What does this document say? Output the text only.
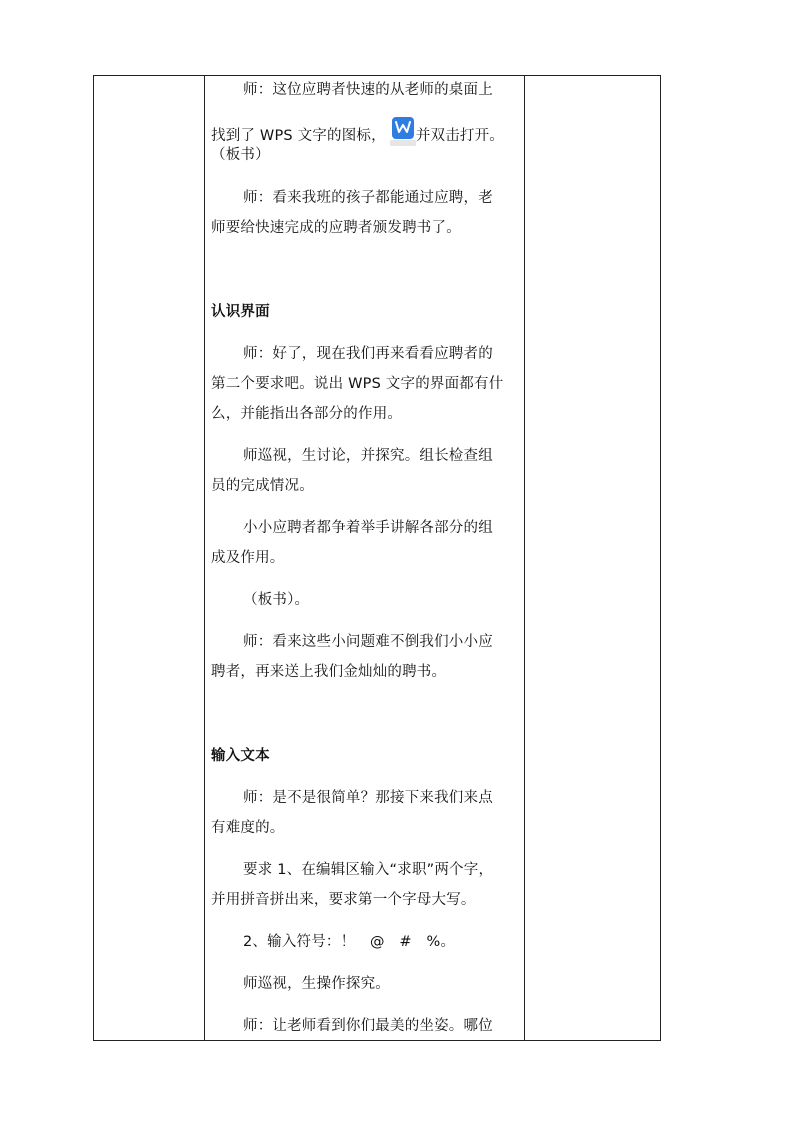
师：这位应聘者快速的从老师的桌面上
找到了 WPS 文字的图标， 并双击打开。
（板书）
师：看来我班的孩子都能通过应聘，老
师要给快速完成的应聘者颁发聘书了。
认识界面
师：好了，现在我们再来看看应聘者的
第二个要求吧。说出 WPS 文字的界面都有什
么，并能指出各部分的作用。
师巡视，生讨论，并探究。组长检查组
员的完成情况。
小小应聘者都争着举手讲解各部分的组
成及作用。
（板书）。
师：看来这些小问题难不倒我们小小应
聘者，再来送上我们金灿灿的聘书。
输入文本
师：是不是很简单？那接下来我们来点
有难度的。
要求 1、在编辑区输入“求职”两个字，
并用拼音拼出来，要求第一个字母大写。
2、输入符号：！　@　#　%。
师巡视，生操作探究。
师：让老师看到你们最美的坐姿。哪位
